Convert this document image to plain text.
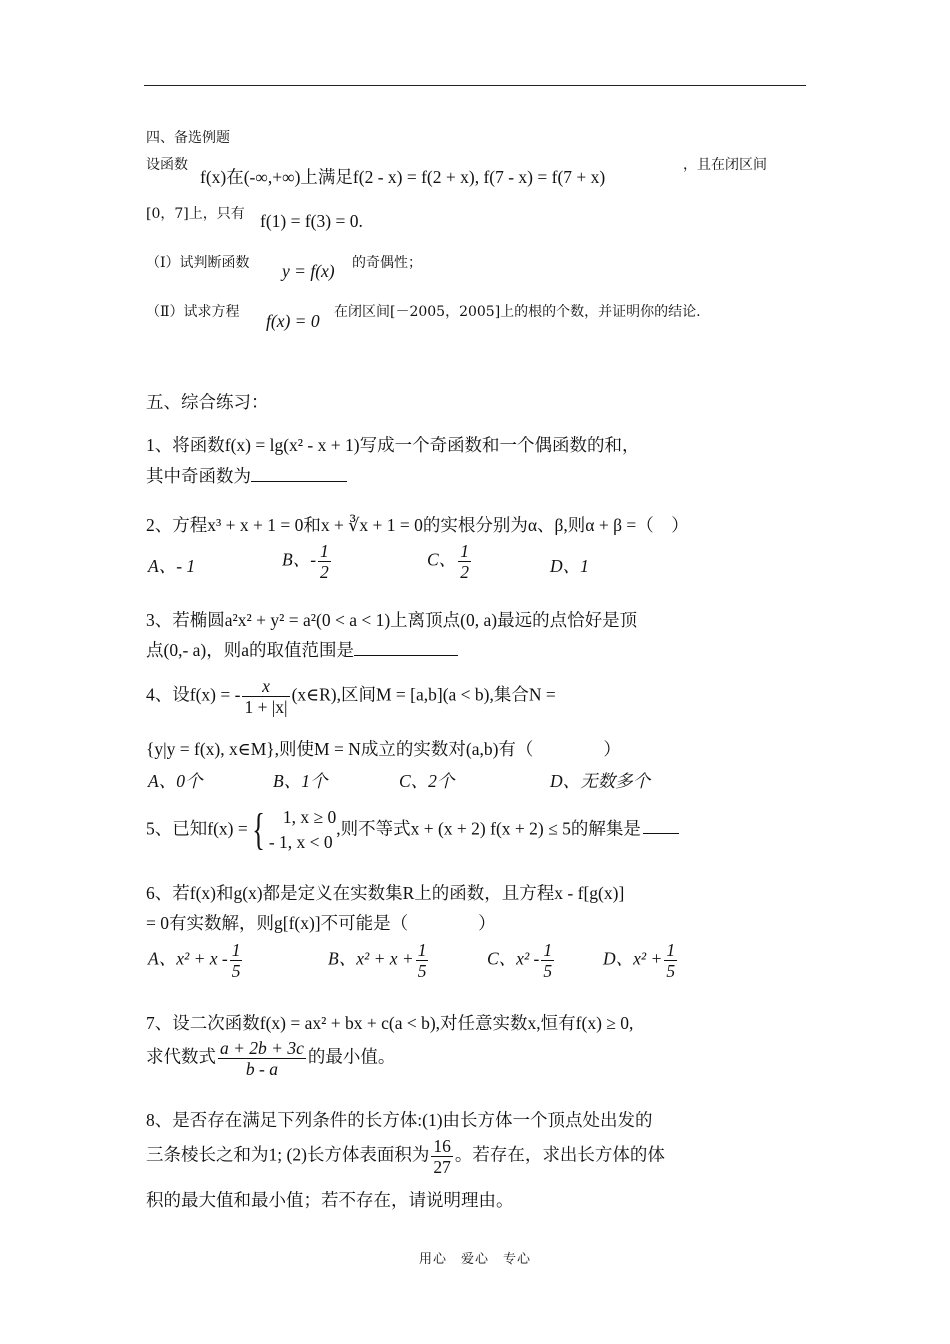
四、备选例题
设函数
f(x)在(-∞,+∞)上满足f(2 - x) = f(2 + x), f(7 - x) = f(7 + x)
，且在闭区间
[0，7]上，只有 f(1) = f(3) = 0.
（Ⅰ）试判断函数 y = f(x) 的奇偶性；
（Ⅱ）试求方程 f(x) = 0 在闭区间[－2005，2005]上的根的个数，并证明你的结论.
五、综合练习：
1、将函数f(x) = lg(x² - x + 1)写成一个奇函数和一个偶函数的和，
其中奇函数为
2、方程x³ + x + 1 = 0和x + ∛x + 1 = 0的实根分别为α、β,则α + β =（　）
A、- 1	B、- $\frac{1}{2}$	C、 $\frac{1}{2}$	D、1
3、若椭圆a²x² + y² = a²(0 < a < 1)上离顶点(0, a)最远的点恰好是顶
点(0,- a)，则a的取值范围是
4、设f(x) = - $\frac{x}{1 + |x|}$ (x∈R),区间M = [a,b](a < b),集合N =
{y|y = f(x), x∈M},则使M = N成立的实数对(a,b)有（　　　　）
A、0个	B、1个	C、2个	D、无数多个
5、已知f(x) ={	1, x ≥ 0
- 1, x < 0
,则不等式x + (x + 2) f(x + 2) ≤ 5的解集是
6、若f(x)和g(x)都是定义在实数集R上的函数，且方程x - f[g(x)]
= 0有实数解，则g[f(x)]不可能是（　　　　）
A、$x^2 + x - \frac{1}{5}$	B、$x^2 + x + \frac{1}{5}$	C、$x^2 - \frac{1}{5}$	D、$x^2 + \frac{1}{5}$
7、设二次函数f(x) = ax² + bx + c(a < b),对任意实数x,恒有f(x) ≥ 0,
求代数式 $\frac{a + 2b + 3c}{b - a}$ 的最小值。
8、是否存在满足下列条件的长方体:(1)由长方体一个顶点处出发的
三条棱长之和为1; (2)长方体表面积为 $\frac{16}{27}$ 。若存在，求出长方体的体
积的最大值和最小值；若不存在，请说明理由。
用心　爱心　专心
